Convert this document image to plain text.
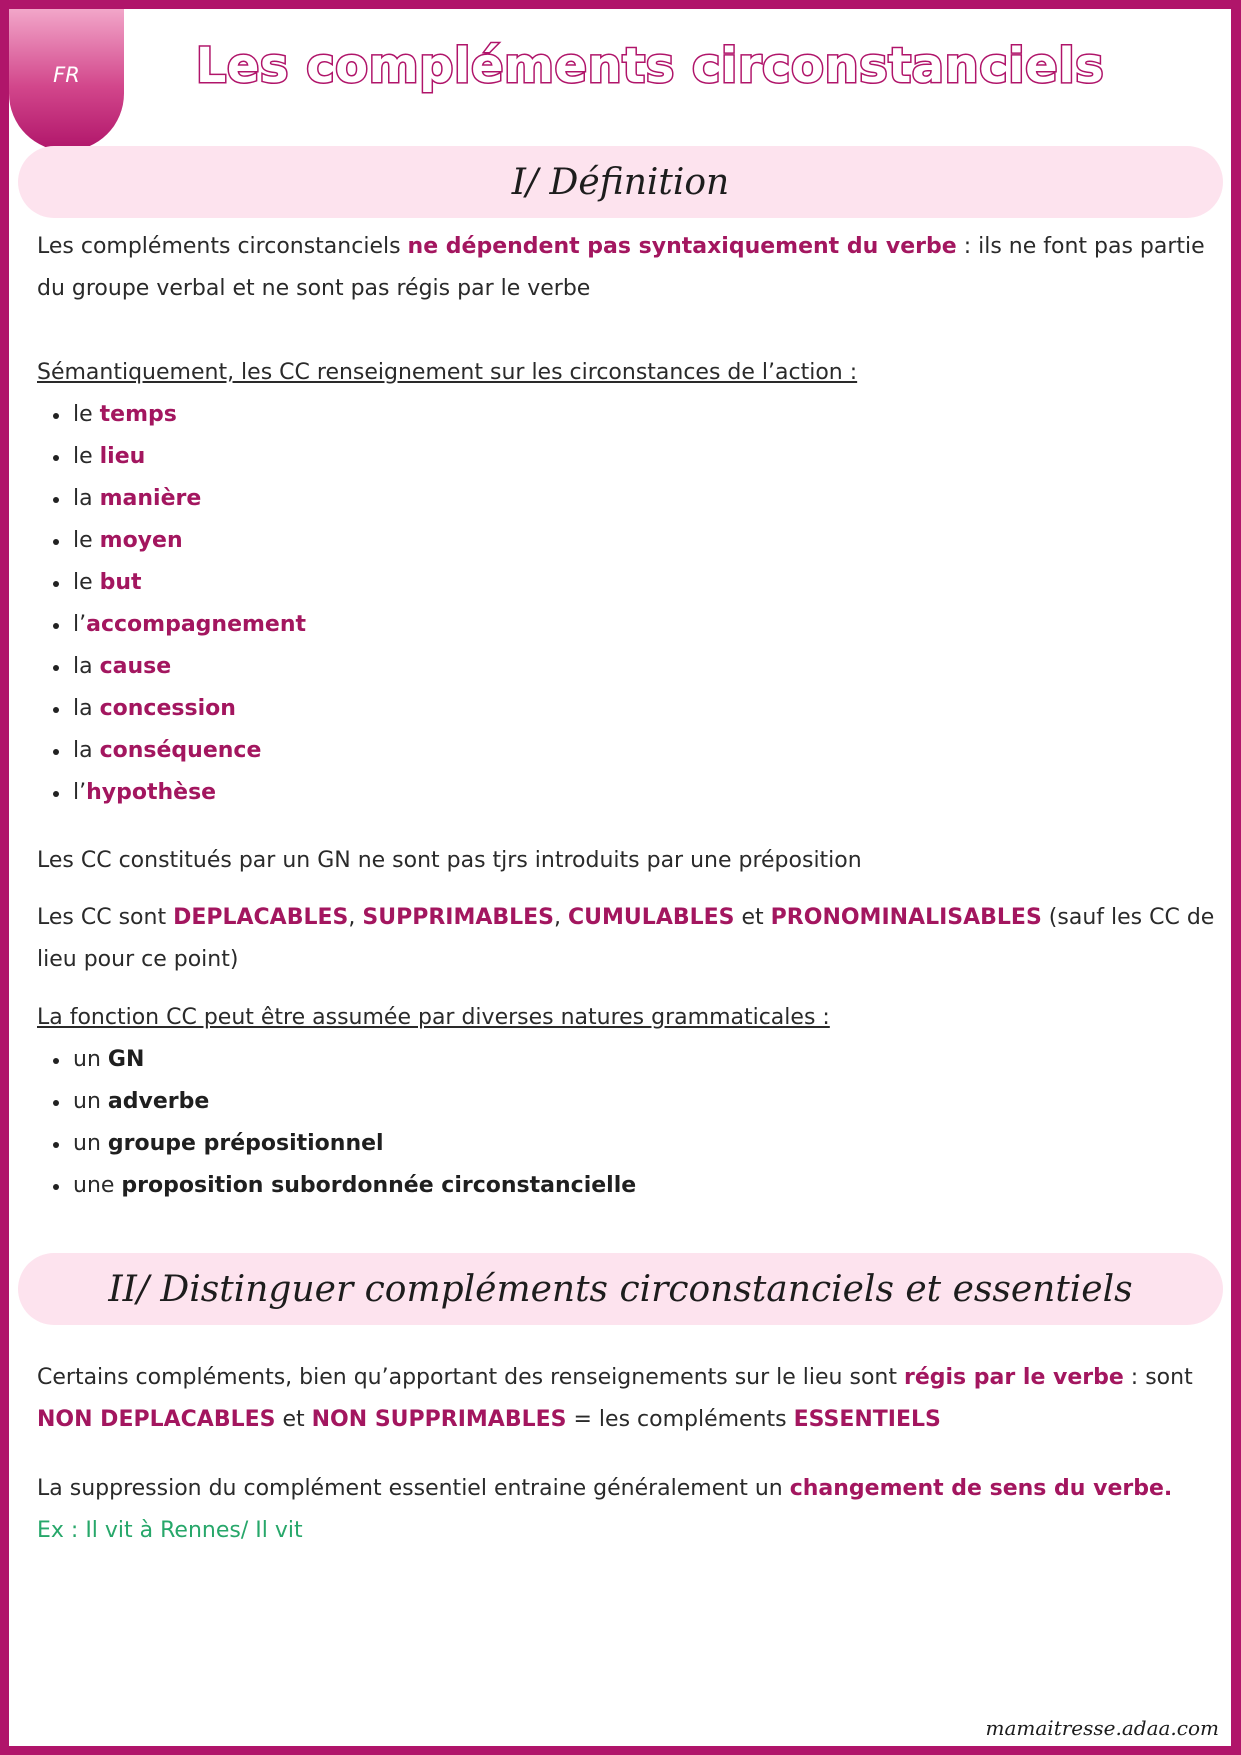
FR	Les compléments circonstanciels
I/ Définition
Les compléments circonstanciels ne dépendent pas syntaxiquement du verbe : ils ne font pas partie du groupe verbal et ne sont pas régis par le verbe
Sémantiquement, les CC renseignement sur les circonstances de l’action :
le temps
le lieu
la manière
le moyen
le but
l’accompagnement
la cause
la concession
la conséquence
l’hypothèse
Les CC constitués par un GN ne sont pas tjrs introduits par une préposition
Les CC sont DEPLACABLES, SUPPRIMABLES, CUMULABLES et PRONOMINALISABLES (sauf les CC de lieu pour ce point)
La fonction CC peut être assumée par diverses natures grammaticales :
un GN
un adverbe
un groupe prépositionnel
une proposition subordonnée circonstancielle
II/ Distinguer compléments circonstanciels et essentiels
Certains compléments, bien qu’apportant des renseignements sur le lieu sont régis par le verbe : sont NON DEPLACABLES et NON SUPPRIMABLES = les compléments ESSENTIELS
La suppression du complément essentiel entraine généralement un changement de sens du verbe.
Ex : Il vit à Rennes/ Il vit
mamaitresse.adaa.com
